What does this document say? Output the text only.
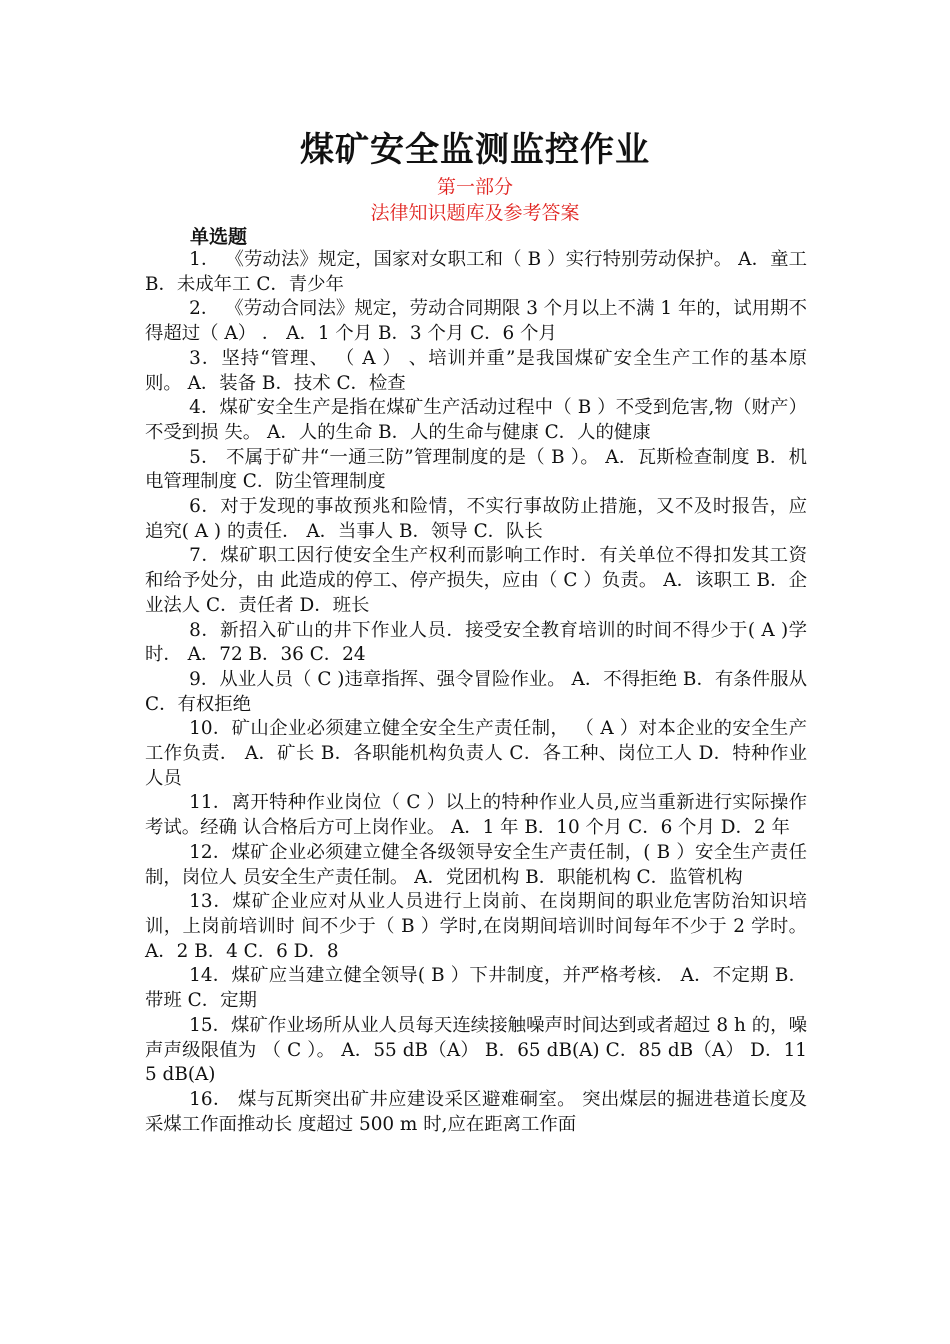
煤矿安全监测监控作业
第一部分
法律知识题库及参考答案
单选题

1． 《劳动法》规定，国家对女职工和（ B ）实行特别劳动保护。 A．童工 B．未成年工 C．青少年

2． 《劳动合同法》规定，劳动合同期限 3 个月以上不满 1 年的，试用期不得超过（ A） ． A．1 个月 B．3 个月 C．6 个月

3．坚持“管理、 （ A ） 、培训并重”是我国煤矿安全生产工作的基本原则。 A．装备 B．技术 C．检查

4．煤矿安全生产是指在煤矿生产活动过程中（ B ）不受到危害,物（财产）不受到损 失。 A．人的生命 B．人的生命与健康 C．人的健康

5． 不属于矿井“一通三防”管理制度的是（ B ）。 A．瓦斯检查制度 B．机电管理制度 C．防尘管理制度

6．对于发现的事故预兆和险情，不实行事故防止措施，又不及时报告，应追究( A ) 的责任． A．当事人 B．领导 C．队长

7．煤矿职工因行使安全生产权利而影响工作时．有关单位不得扣发其工资和给予处分，由 此造成的停工、停产损失，应由（ C ）负责。 A．该职工 B．企业法人 C．责任者 D．班长

8．新招入矿山的井下作业人员．接受安全教育培训的时间不得少于( A )学时． A．72 B．36 C．24

9．从业人员（ C )违章指挥、强令冒险作业。 A．不得拒绝 B．有条件服从 C．有权拒绝

10．矿山企业必须建立健全安全生产责任制， （ A ）对本企业的安全生产工作负责． A．矿长 B．各职能机构负责人 C．各工种、岗位工人 D．特种作业人员

11．离开特种作业岗位（ C ）以上的特种作业人员,应当重新进行实际操作考试。经确 认合格后方可上岗作业。 A．1 年 B．10 个月 C．6 个月 D．2 年

12．煤矿企业必须建立健全各级领导安全生产责任制，( B ）安全生产责任制，岗位人 员安全生产责任制。 A．党团机构 B．职能机构 C．监管机构

13．煤矿企业应对从业人员进行上岗前、在岗期间的职业危害防治知识培训，上岗前培训时 间不少于（ B ）学时,在岗期间培训时间每年不少于 2 学时。 A．2 B．4 C．6 D．8

14．煤矿应当建立健全领导( B ）下井制度，并严格考核． A．不定期 B．带班 C．定期

15．煤矿作业场所从业人员每天连续接触噪声时间达到或者超过 8 h 的，噪声声级限值为 （ C ）。 A．55 dB（A） B．65 dB(A) C．85 dB（A） D．115 dB(A)

16． 煤与瓦斯突出矿井应建设采区避难硐室。 突出煤层的掘进巷道长度及采煤工作面推动长 度超过 500 m 时,应在距离工作面
